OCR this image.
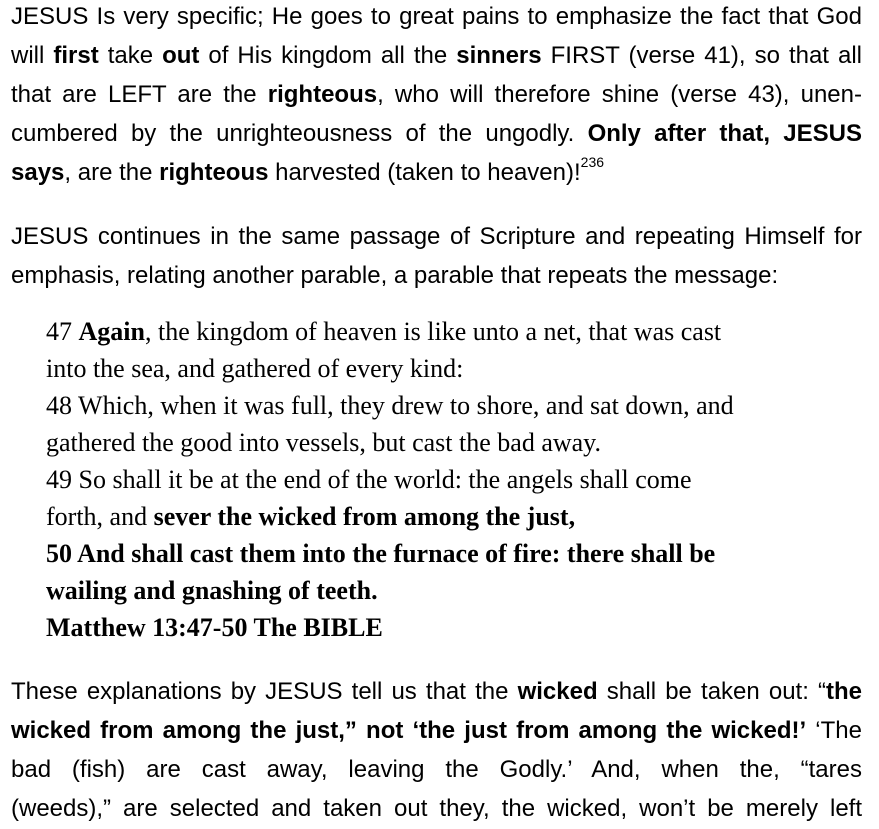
JESUS Is very specific; He goes to great pains to emphasize the fact that God
will first take out of His kingdom all the sinners FIRST (verse 41), so that all
that are LEFT are the righteous, who will therefore shine (verse 43), unen-
cumbered by the unrighteousness of the ungodly. Only after that, JESUS
says, are the righteous harvested (taken to heaven)!$^{236}$
JESUS continues in the same passage of Scripture and repeating Himself for
emphasis, relating another parable, a parable that repeats the message:
47 Again, the kingdom of heaven is like unto a net, that was cast
into the sea, and gathered of every kind:
48 Which, when it was full, they drew to shore, and sat down, and
gathered the good into vessels, but cast the bad away.
49 So shall it be at the end of the world: the angels shall come
forth, and sever the wicked from among the just,
50 And shall cast them into the furnace of fire: there shall be
wailing and gnashing of teeth.
Matthew 13:47-50 The BIBLE
These explanations by JESUS tell us that the wicked shall be taken out: “the
wicked from among the just,” not ‘the just from among the wicked!’ ‘The
bad (fish) are cast away, leaving the Godly.’ And, when the, “tares
(weeds),” are selected and taken out they, the wicked, won’t be merely left
